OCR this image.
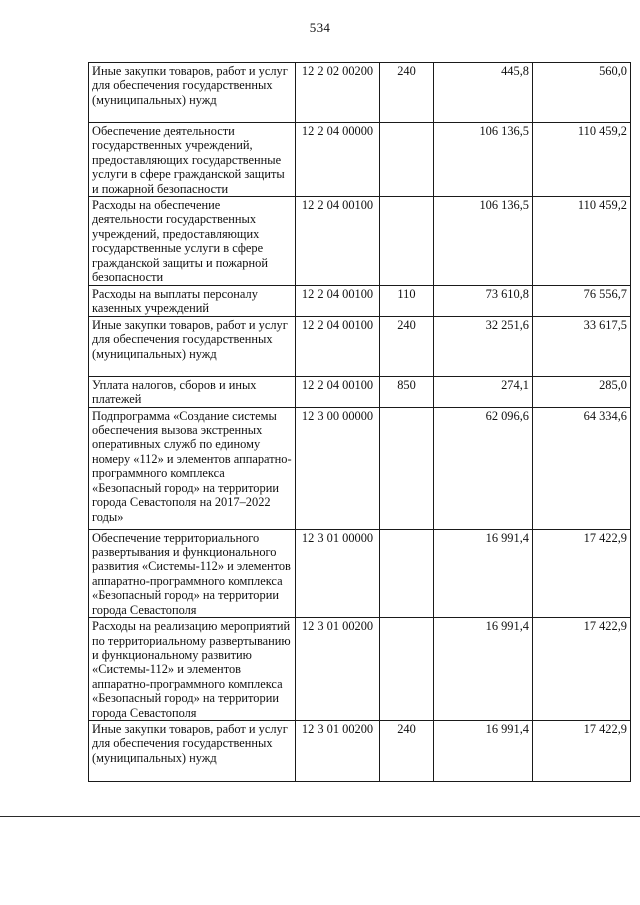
534
Иные закупки товаров, работ и услуг для обеспечения государственных (муниципальных) нужд	12 2 02 00200	240	445,8	560,0
Обеспечение деятельности государственных учреждений, предоставляющих государственные услуги в сфере гражданской защиты и пожарной безопасности	12 2 04 00000		106 136,5	110 459,2
Расходы на обеспечение деятельности государственных учреждений, предоставляющих государственные услуги в сфере гражданской защиты и пожарной безопасности	12 2 04 00100		106 136,5	110 459,2
Расходы на выплаты персоналу казенных учреждений	12 2 04 00100	110	73 610,8	76 556,7
Иные закупки товаров, работ и услуг для обеспечения государственных (муниципальных) нужд	12 2 04 00100	240	32 251,6	33 617,5
Уплата налогов, сборов и иных платежей	12 2 04 00100	850	274,1	285,0
Подпрограмма «Создание системы обеспечения вызова экстренных оперативных служб по единому номеру «112» и элементов аппаратно-программного комплекса «Безопасный город» на территории города Севастополя на 2017–2022 годы»	12 3 00 00000		62 096,6	64 334,6
Обеспечение территориального развертывания и функционального развития «Системы-112» и элементов аппаратно-программного комплекса «Безопасный город» на территории города Севастополя	12 3 01 00000		16 991,4	17 422,9
Расходы на реализацию мероприятий по территориальному развертыванию и функциональному развитию «Системы-112» и элементов аппаратно-программного комплекса «Безопасный город» на территории города Севастополя	12 3 01 00200		16 991,4	17 422,9
Иные закупки товаров, работ и услуг для обеспечения государственных (муниципальных) нужд	12 3 01 00200	240	16 991,4	17 422,9
